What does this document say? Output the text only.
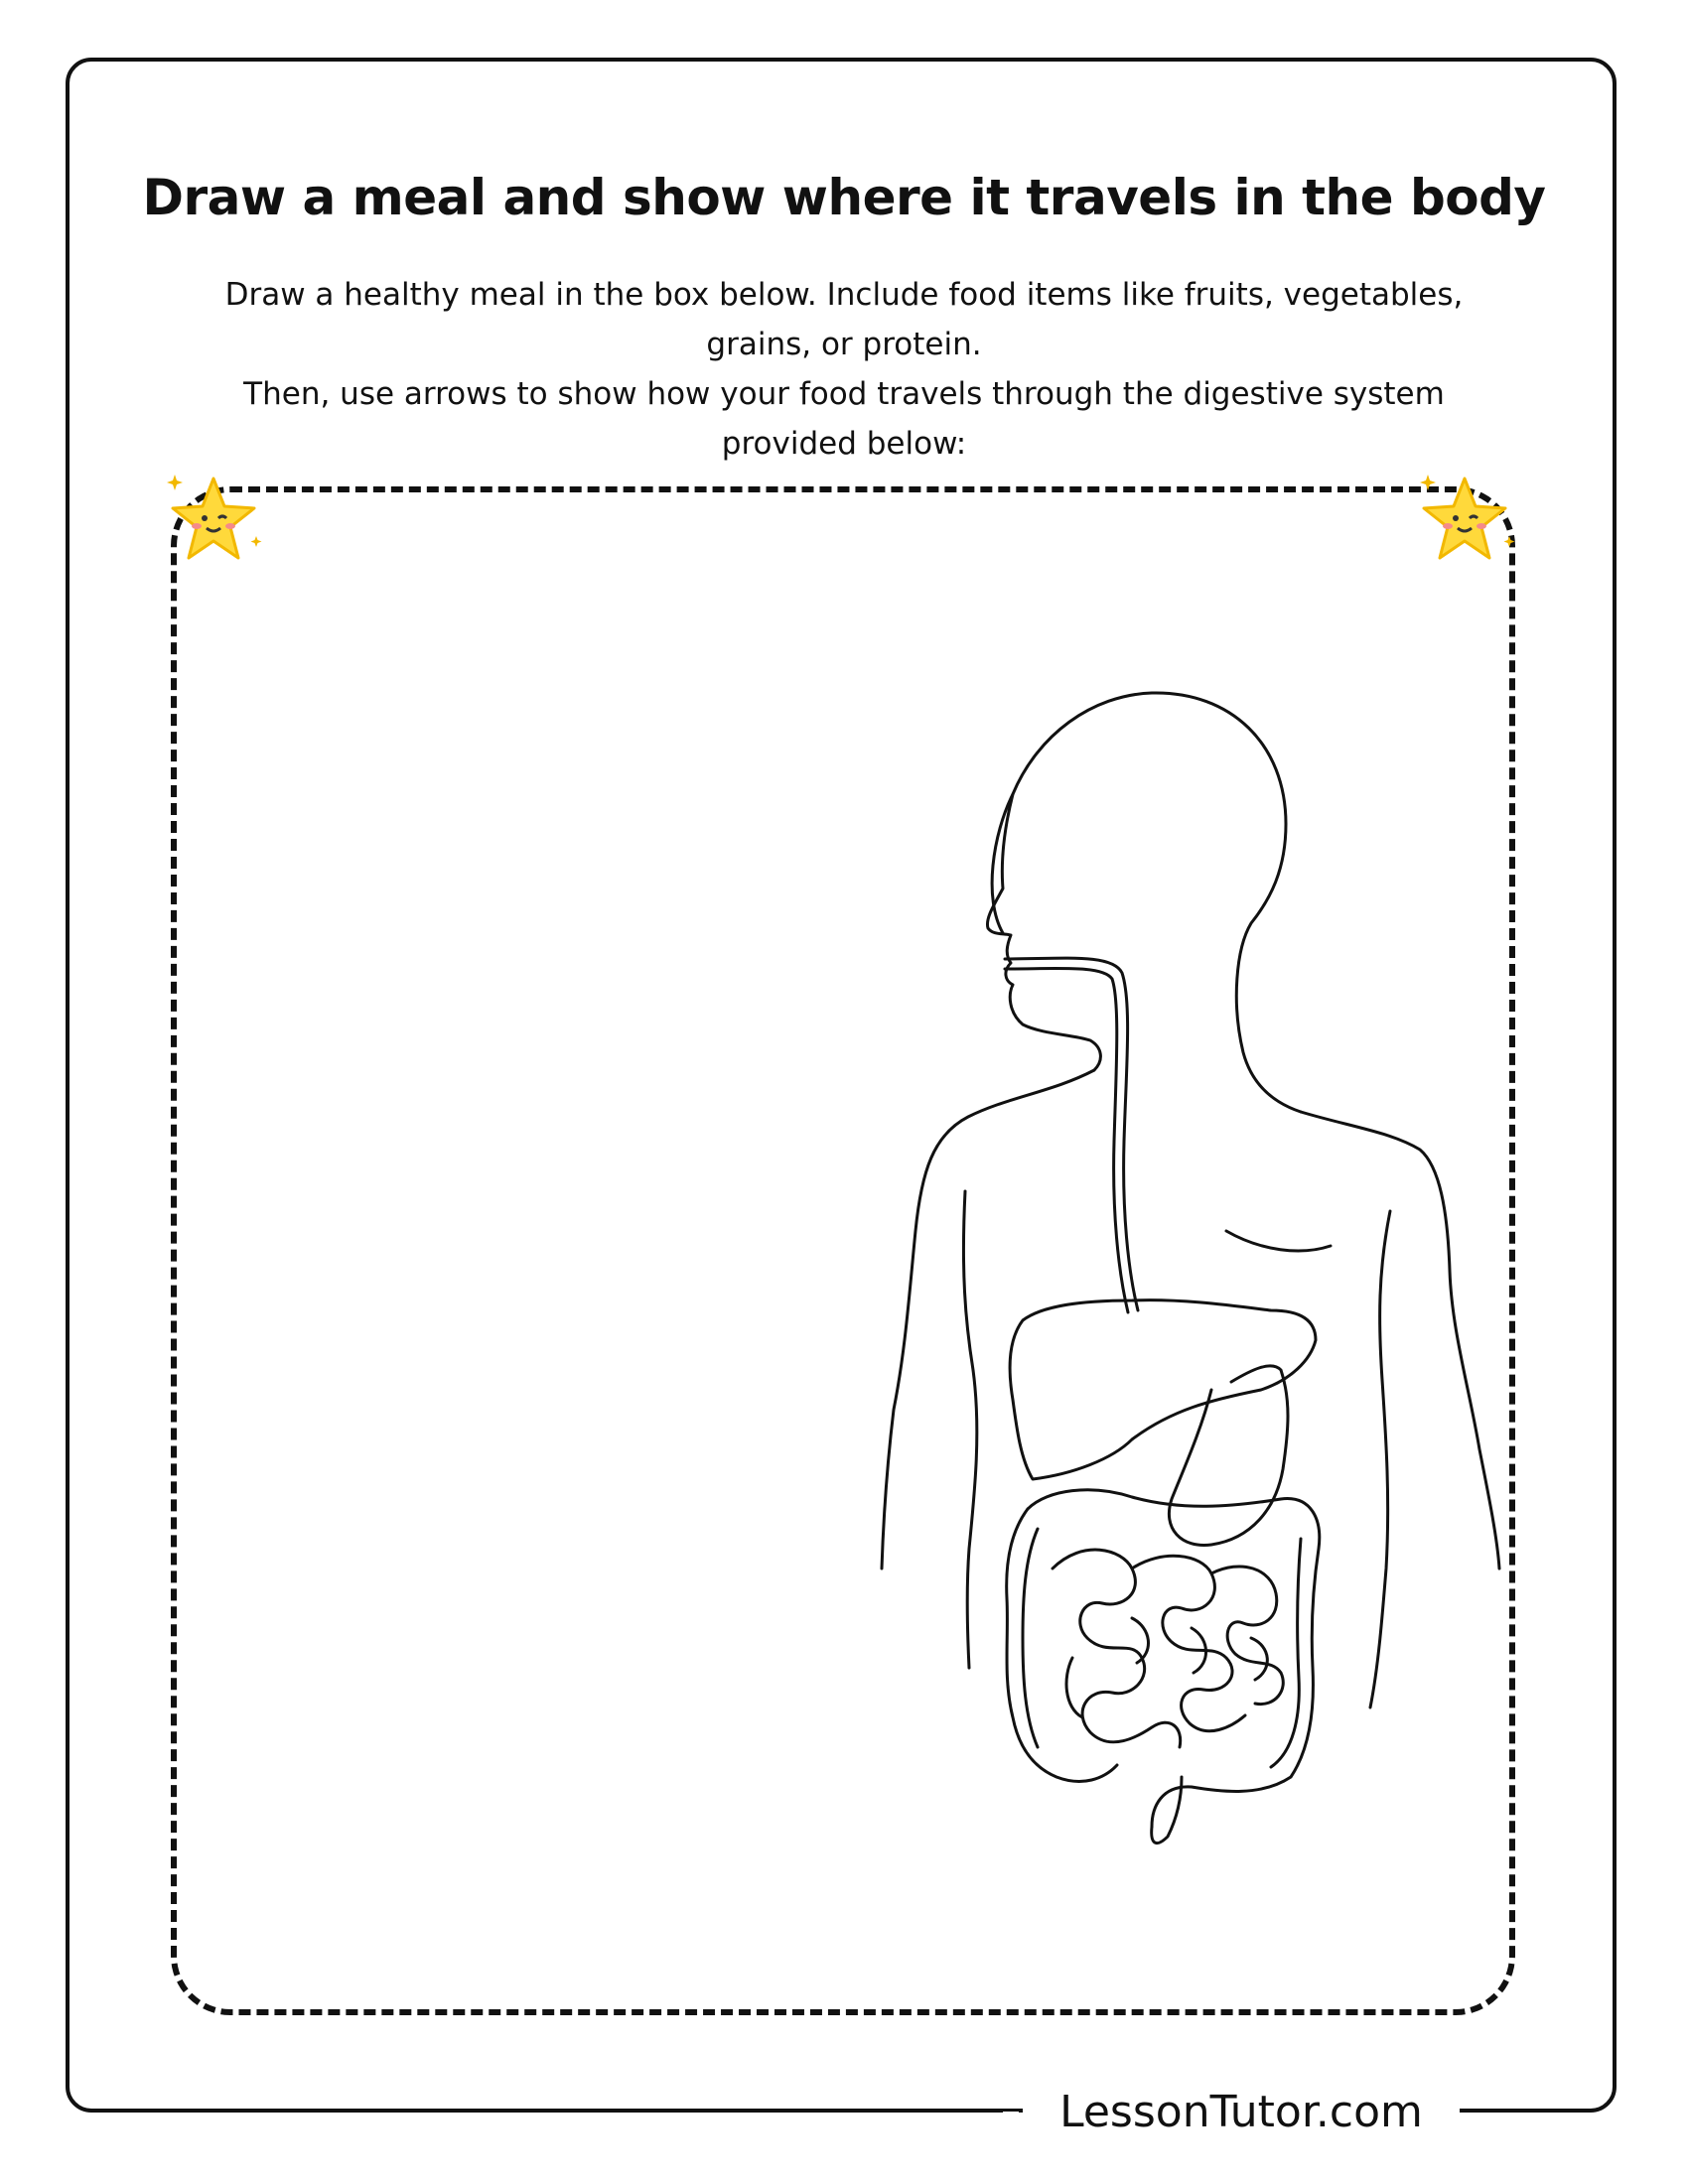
Draw a meal and show where it travels in the body

Draw a healthy meal in the box below. Include food items like fruits, vegetables, grains, or protein.

Then, use arrows to show how your food travels through the digestive system provided below:

LessonTutor.com
